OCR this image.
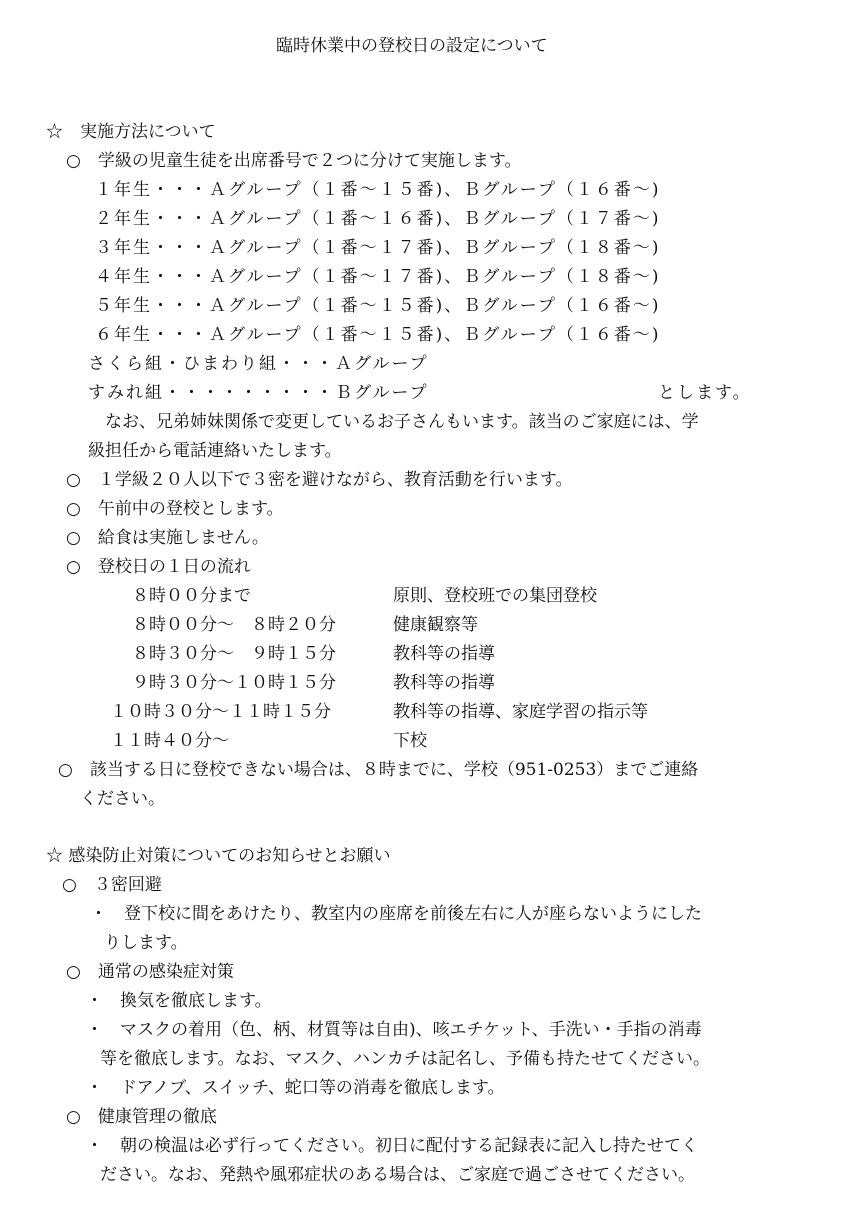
臨時休業中の登校日の設定について
☆　実施方法について
○　学級の児童生徒を出席番号で２つに分けて実施します。
１年生・・・Ａグループ（１番～１５番)、Ｂグループ（１６番～)
２年生・・・Ａグループ（１番～１６番)、Ｂグループ（１７番～)
３年生・・・Ａグループ（１番～１７番)、Ｂグループ（１８番～)
４年生・・・Ａグループ（１番～１７番)、Ｂグループ（１８番～)
５年生・・・Ａグループ（１番～１５番)、Ｂグループ（１６番～)
６年生・・・Ａグループ（１番～１５番)、Ｂグループ（１６番～)
さくら組・ひまわり組・・・Ａグループ
すみれ組・・・・・・・・・Ｂグループ	とします。
なお、兄弟姉妹関係で変更しているお子さんもいます。該当のご家庭には、学
級担任から電話連絡いたします。
○　１学級２０人以下で３密を避けながら、教育活動を行います。
○　午前中の登校とします。
○　給食は実施しません。
○　登校日の１日の流れ
８時００分まで	原則、登校班での集団登校
８時００分～　８時２０分	健康観察等
８時３０分～　９時１５分	教科等の指導
９時３０分～１０時１５分	教科等の指導
１０時３０分～１１時１５分	教科等の指導、家庭学習の指示等
１１時４０分～	下校
○　該当する日に登校できない場合は、８時までに、学校（951-0253）までご連絡
ください。
☆ 感染防止対策についてのお知らせとお願い
○　３密回避
・　登下校に間をあけたり、教室内の座席を前後左右に人が座らないようにした
りします。
○　通常の感染症対策
・　換気を徹底します。
・　マスクの着用（色、柄、材質等は自由)、咳エチケット、手洗い・手指の消毒
等を徹底します。なお、マスク、ハンカチは記名し、予備も持たせてください。
・　ドアノブ、スイッチ、蛇口等の消毒を徹底します。
○　健康管理の徹底
・　朝の検温は必ず行ってください。初日に配付する記録表に記入し持たせてく
ださい。なお、発熱や風邪症状のある場合は、ご家庭で過ごさせてください。
